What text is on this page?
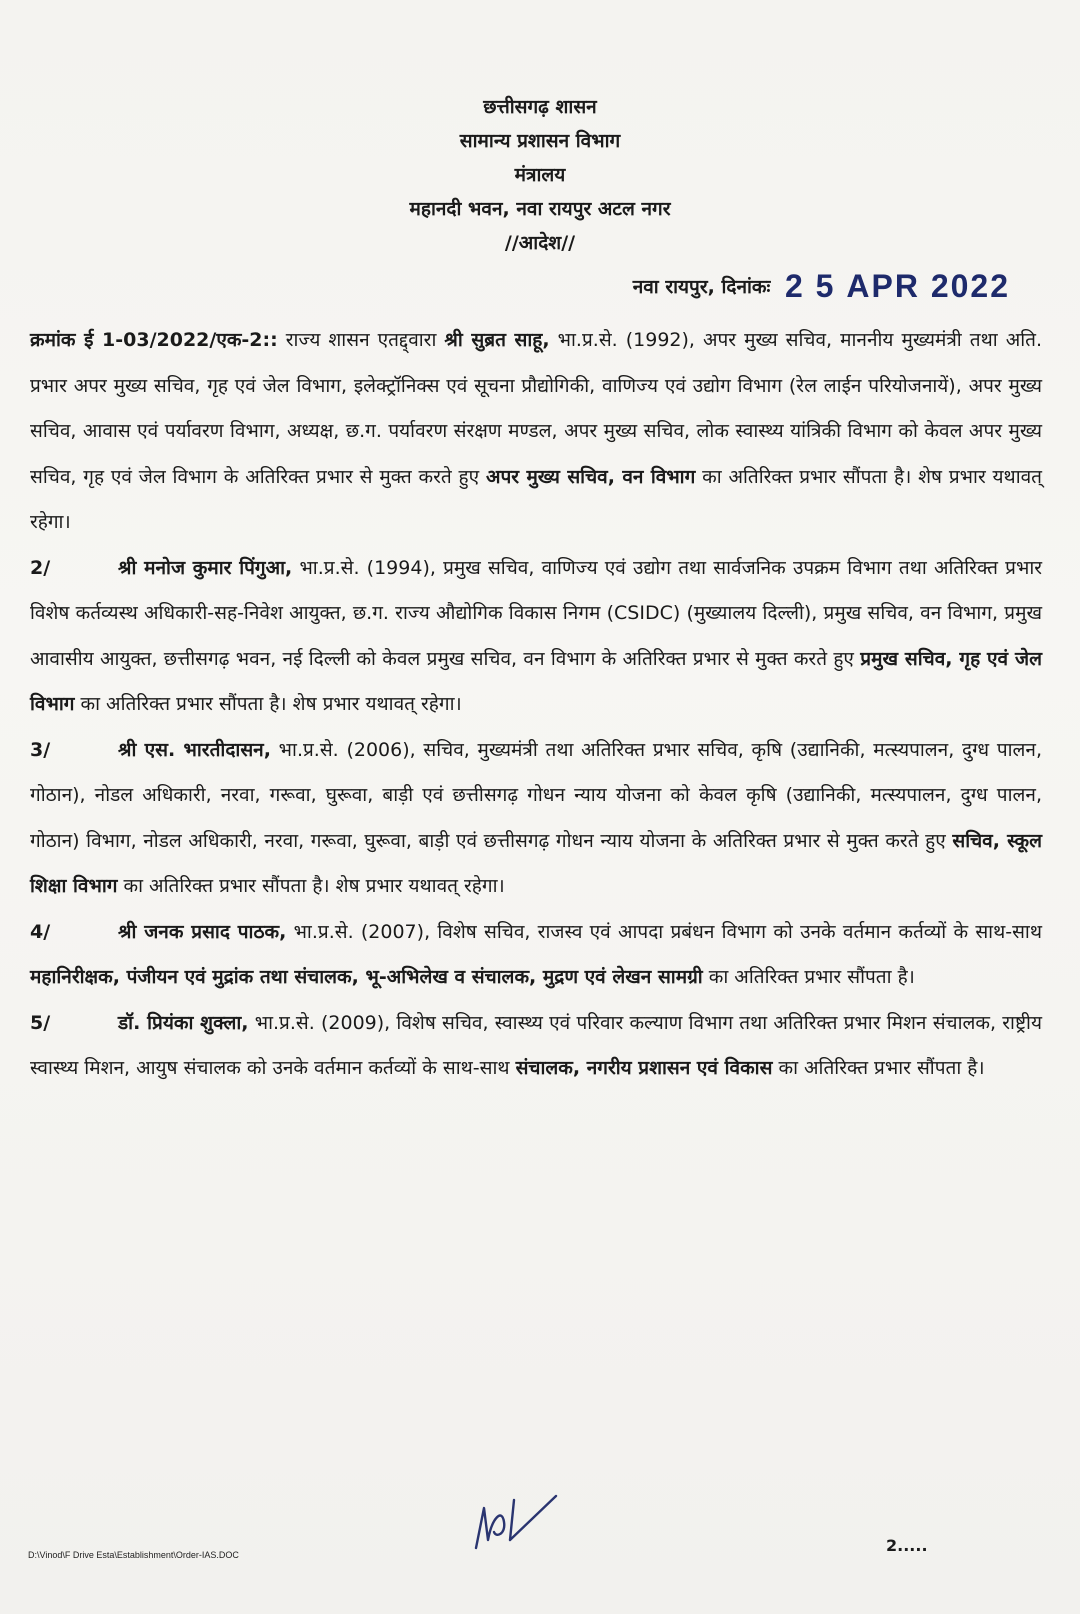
छत्तीसगढ़ शासन
सामान्य प्रशासन विभाग
मंत्रालय
महानदी भवन, नवा रायपुर अटल नगर
//आदेश//
नवा रायपुर, दिनांकः 2 5 APR 2022

क्रमांक ई 1-03/2022/एक-2:: राज्य शासन एतद्द्वारा श्री सुब्रत साहू, भा.प्र.से. (1992), अपर मुख्य सचिव, माननीय मुख्यमंत्री तथा अति. प्रभार अपर मुख्य सचिव, गृह एवं जेल विभाग, इलेक्ट्रॉनिक्स एवं सूचना प्रौद्योगिकी, वाणिज्य एवं उद्योग विभाग (रेल लाईन परियोजनायें), अपर मुख्य सचिव, आवास एवं पर्यावरण विभाग, अध्यक्ष, छ.ग. पर्यावरण संरक्षण मण्डल, अपर मुख्य सचिव, लोक स्वास्थ्य यांत्रिकी विभाग को केवल अपर मुख्य सचिव, गृह एवं जेल विभाग के अतिरिक्त प्रभार से मुक्त करते हुए अपर मुख्य सचिव, वन विभाग का अतिरिक्त प्रभार सौंपता है। शेष प्रभार यथावत् रहेगा।

2/	श्री मनोज कुमार पिंगुआ, भा.प्र.से. (1994), प्रमुख सचिव, वाणिज्य एवं उद्योग तथा सार्वजनिक उपक्रम विभाग तथा अतिरिक्त प्रभार विशेष कर्तव्यस्थ अधिकारी-सह-निवेश आयुक्त, छ.ग. राज्य औद्योगिक विकास निगम (CSIDC) (मुख्यालय दिल्ली), प्रमुख सचिव, वन विभाग, प्रमुख आवासीय आयुक्त, छत्तीसगढ़ भवन, नई दिल्ली को केवल प्रमुख सचिव, वन विभाग के अतिरिक्त प्रभार से मुक्त करते हुए प्रमुख सचिव, गृह एवं जेल विभाग का अतिरिक्त प्रभार सौंपता है। शेष प्रभार यथावत् रहेगा।

3/	श्री एस. भारतीदासन, भा.प्र.से. (2006), सचिव, मुख्यमंत्री तथा अतिरिक्त प्रभार सचिव, कृषि (उद्यानिकी, मत्स्यपालन, दुग्ध पालन, गोठान), नोडल अधिकारी, नरवा, गरूवा, घुरूवा, बाड़ी एवं छत्तीसगढ़ गोधन न्याय योजना को केवल कृषि (उद्यानिकी, मत्स्यपालन, दुग्ध पालन, गोठान) विभाग, नोडल अधिकारी, नरवा, गरूवा, घुरूवा, बाड़ी एवं छत्तीसगढ़ गोधन न्याय योजना के अतिरिक्त प्रभार से मुक्त करते हुए सचिव, स्कूल शिक्षा विभाग का अतिरिक्त प्रभार सौंपता है। शेष प्रभार यथावत् रहेगा।

4/	श्री जनक प्रसाद पाठक, भा.प्र.से. (2007), विशेष सचिव, राजस्व एवं आपदा प्रबंधन विभाग को उनके वर्तमान कर्तव्यों के साथ-साथ महानिरीक्षक, पंजीयन एवं मुद्रांक तथा संचालक, भू-अभिलेख व संचालक, मुद्रण एवं लेखन सामग्री का अतिरिक्त प्रभार सौंपता है।

5/	डॉ. प्रियंका शुक्ला, भा.प्र.से. (2009), विशेष सचिव, स्वास्थ्य एवं परिवार कल्याण विभाग तथा अतिरिक्त प्रभार मिशन संचालक, राष्ट्रीय स्वास्थ्य मिशन, आयुष संचालक को उनके वर्तमान कर्तव्यों के साथ-साथ संचालक, नगरीय प्रशासन एवं विकास का अतिरिक्त प्रभार सौंपता है।

D:\Vinod\F Drive Esta\Establishment\Order-IAS.DOC	2.....
